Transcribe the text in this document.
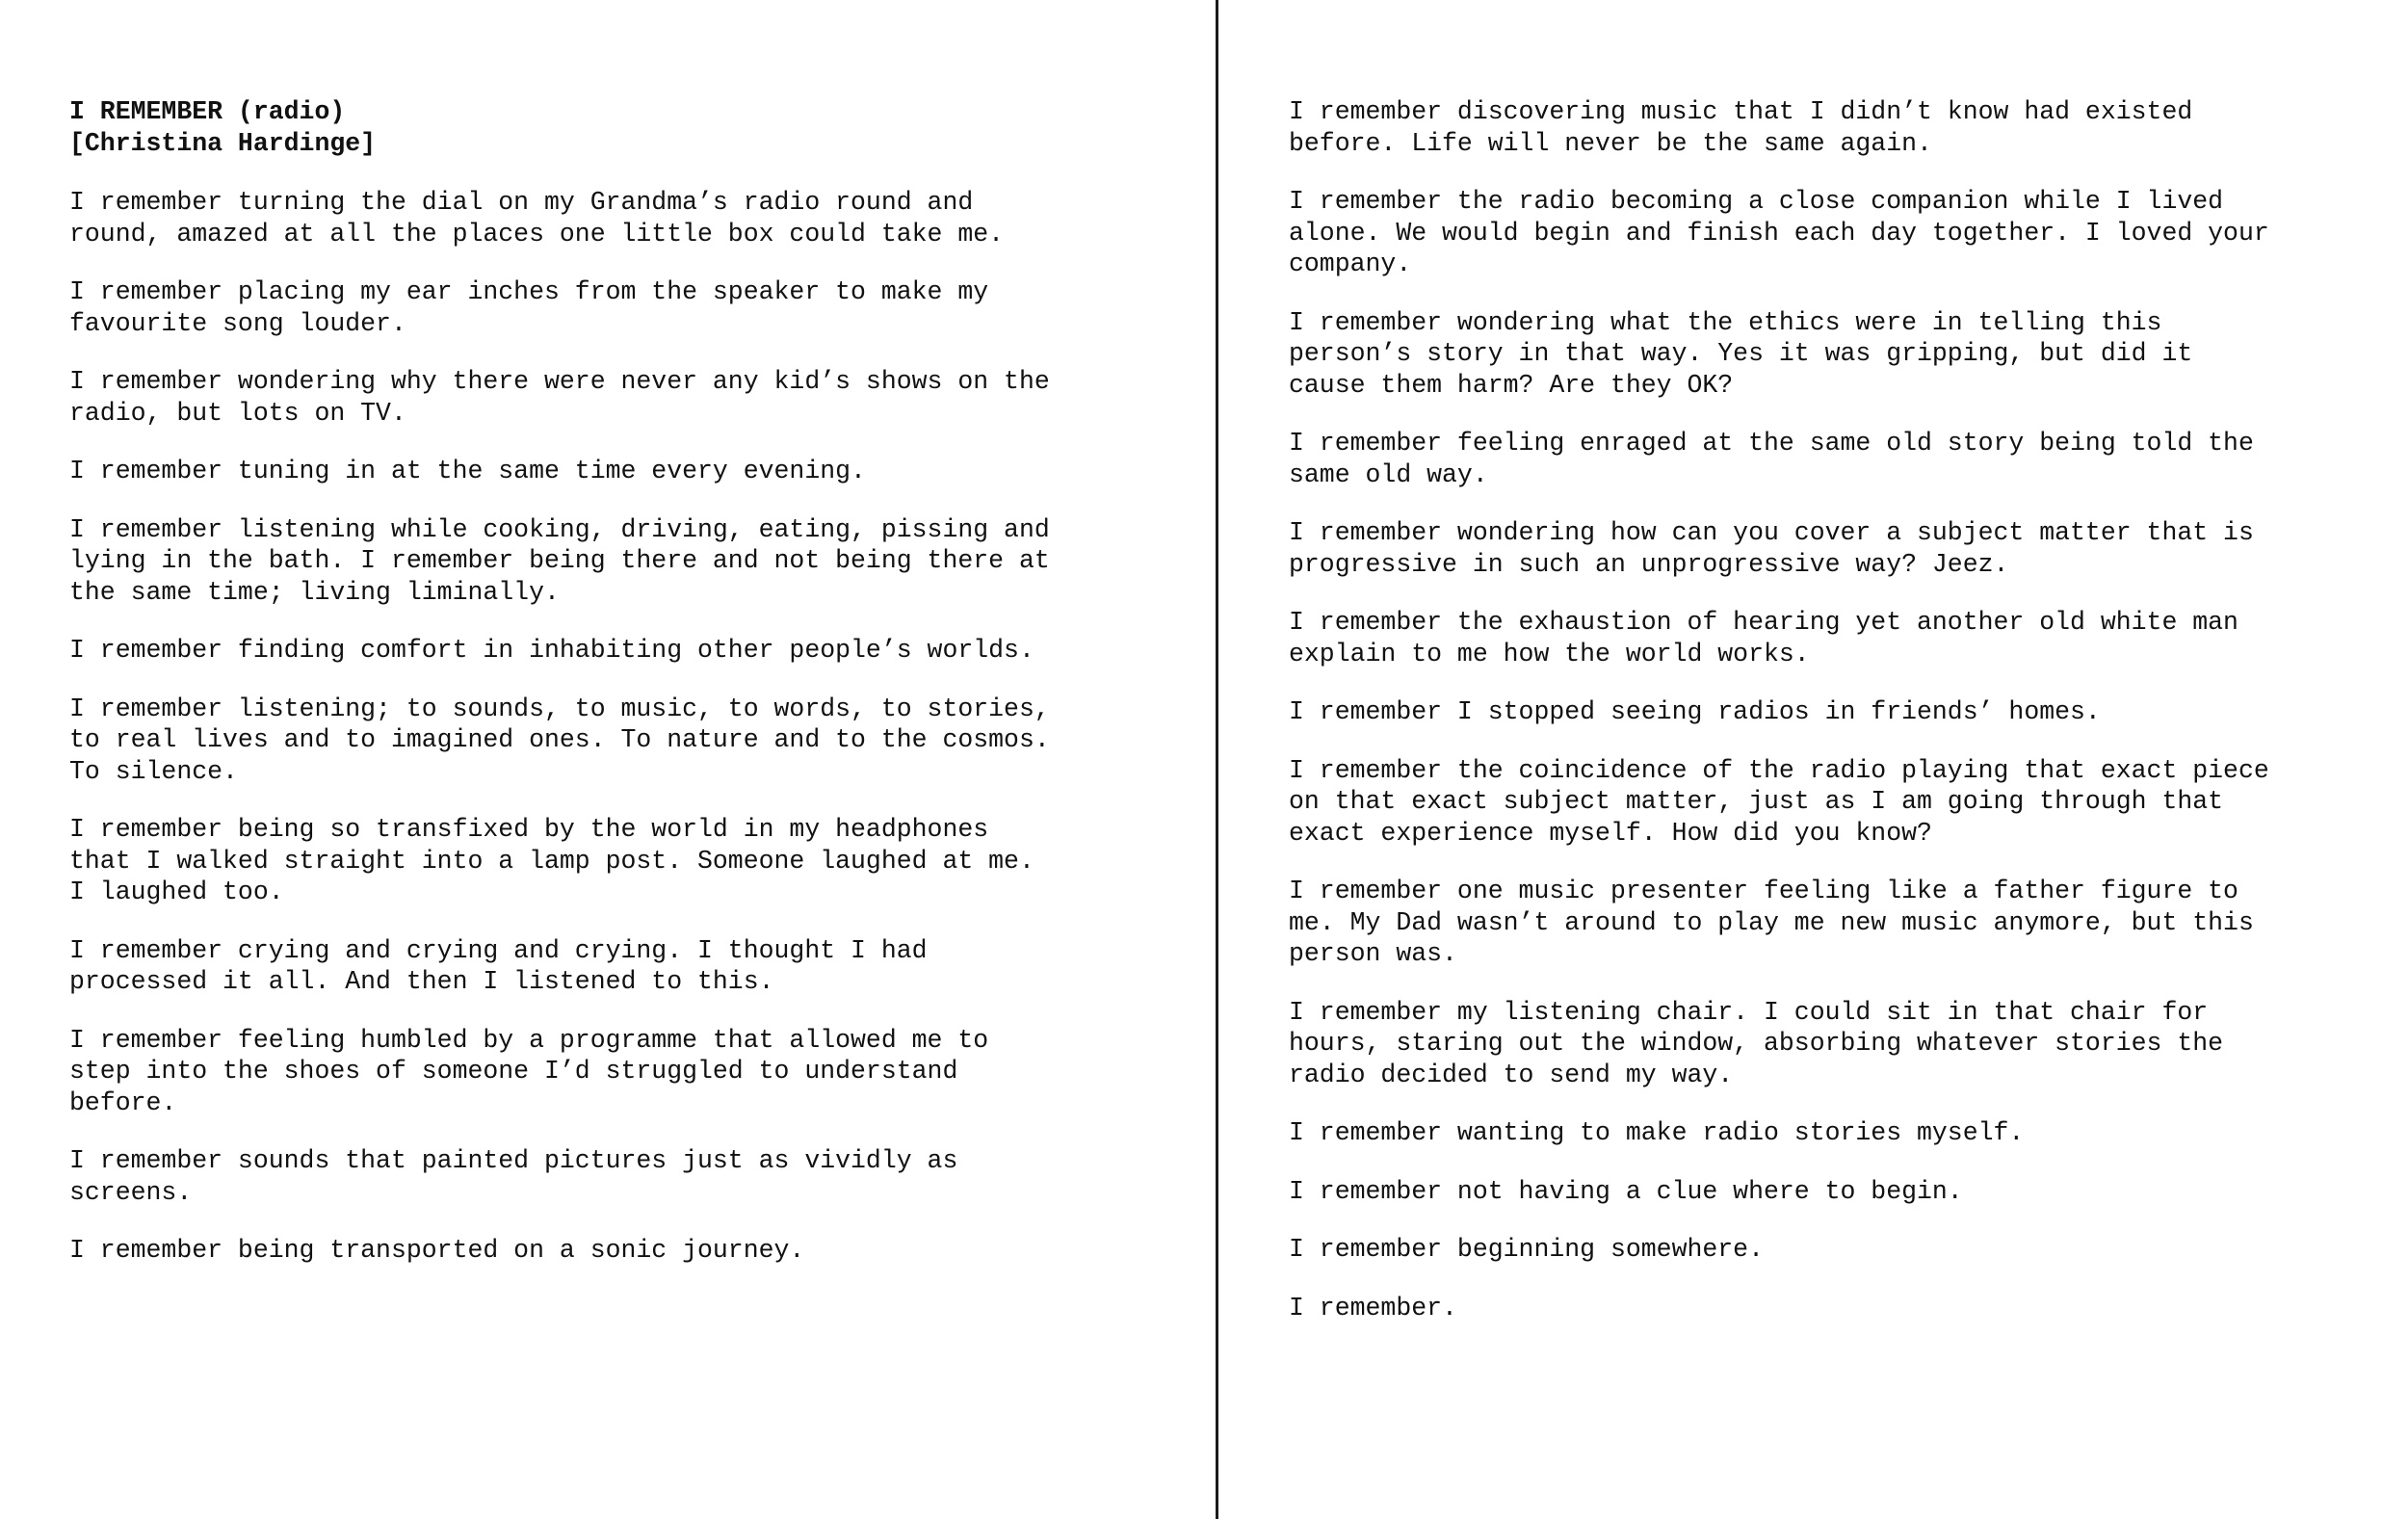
I REMEMBER (radio)
[Christina Hardinge]
I remember turning the dial on my Grandma’s radio round and
round, amazed at all the places one little box could take me.
I remember placing my ear inches from the speaker to make my
favourite song louder.
I remember wondering why there were never any kid’s shows on the
radio, but lots on TV.
I remember tuning in at the same time every evening.
I remember listening while cooking, driving, eating, pissing and
lying in the bath. I remember being there and not being there at
the same time; living liminally.
I remember finding comfort in inhabiting other people’s worlds.
I remember listening; to sounds, to music, to words, to stories,
to real lives and to imagined ones. To nature and to the cosmos.
To silence.
I remember being so transfixed by the world in my headphones
that I walked straight into a lamp post. Someone laughed at me.
I laughed too.
I remember crying and crying and crying. I thought I had
processed it all. And then I listened to this.
I remember feeling humbled by a programme that allowed me to
step into the shoes of someone I’d struggled to understand
before.
I remember sounds that painted pictures just as vividly as
screens.
I remember being transported on a sonic journey.
I remember discovering music that I didn’t know had existed
before. Life will never be the same again.
I remember the radio becoming a close companion while I lived
alone. We would begin and finish each day together. I loved your
company.
I remember wondering what the ethics were in telling this
person’s story in that way. Yes it was gripping, but did it
cause them harm? Are they OK?
I remember feeling enraged at the same old story being told the
same old way.
I remember wondering how can you cover a subject matter that is
progressive in such an unprogressive way? Jeez.
I remember the exhaustion of hearing yet another old white man
explain to me how the world works.
I remember I stopped seeing radios in friends’ homes.
I remember the coincidence of the radio playing that exact piece
on that exact subject matter, just as I am going through that
exact experience myself. How did you know?
I remember one music presenter feeling like a father figure to
me. My Dad wasn’t around to play me new music anymore, but this
person was.
I remember my listening chair. I could sit in that chair for
hours, staring out the window, absorbing whatever stories the
radio decided to send my way.
I remember wanting to make radio stories myself.
I remember not having a clue where to begin.
I remember beginning somewhere.
I remember.
